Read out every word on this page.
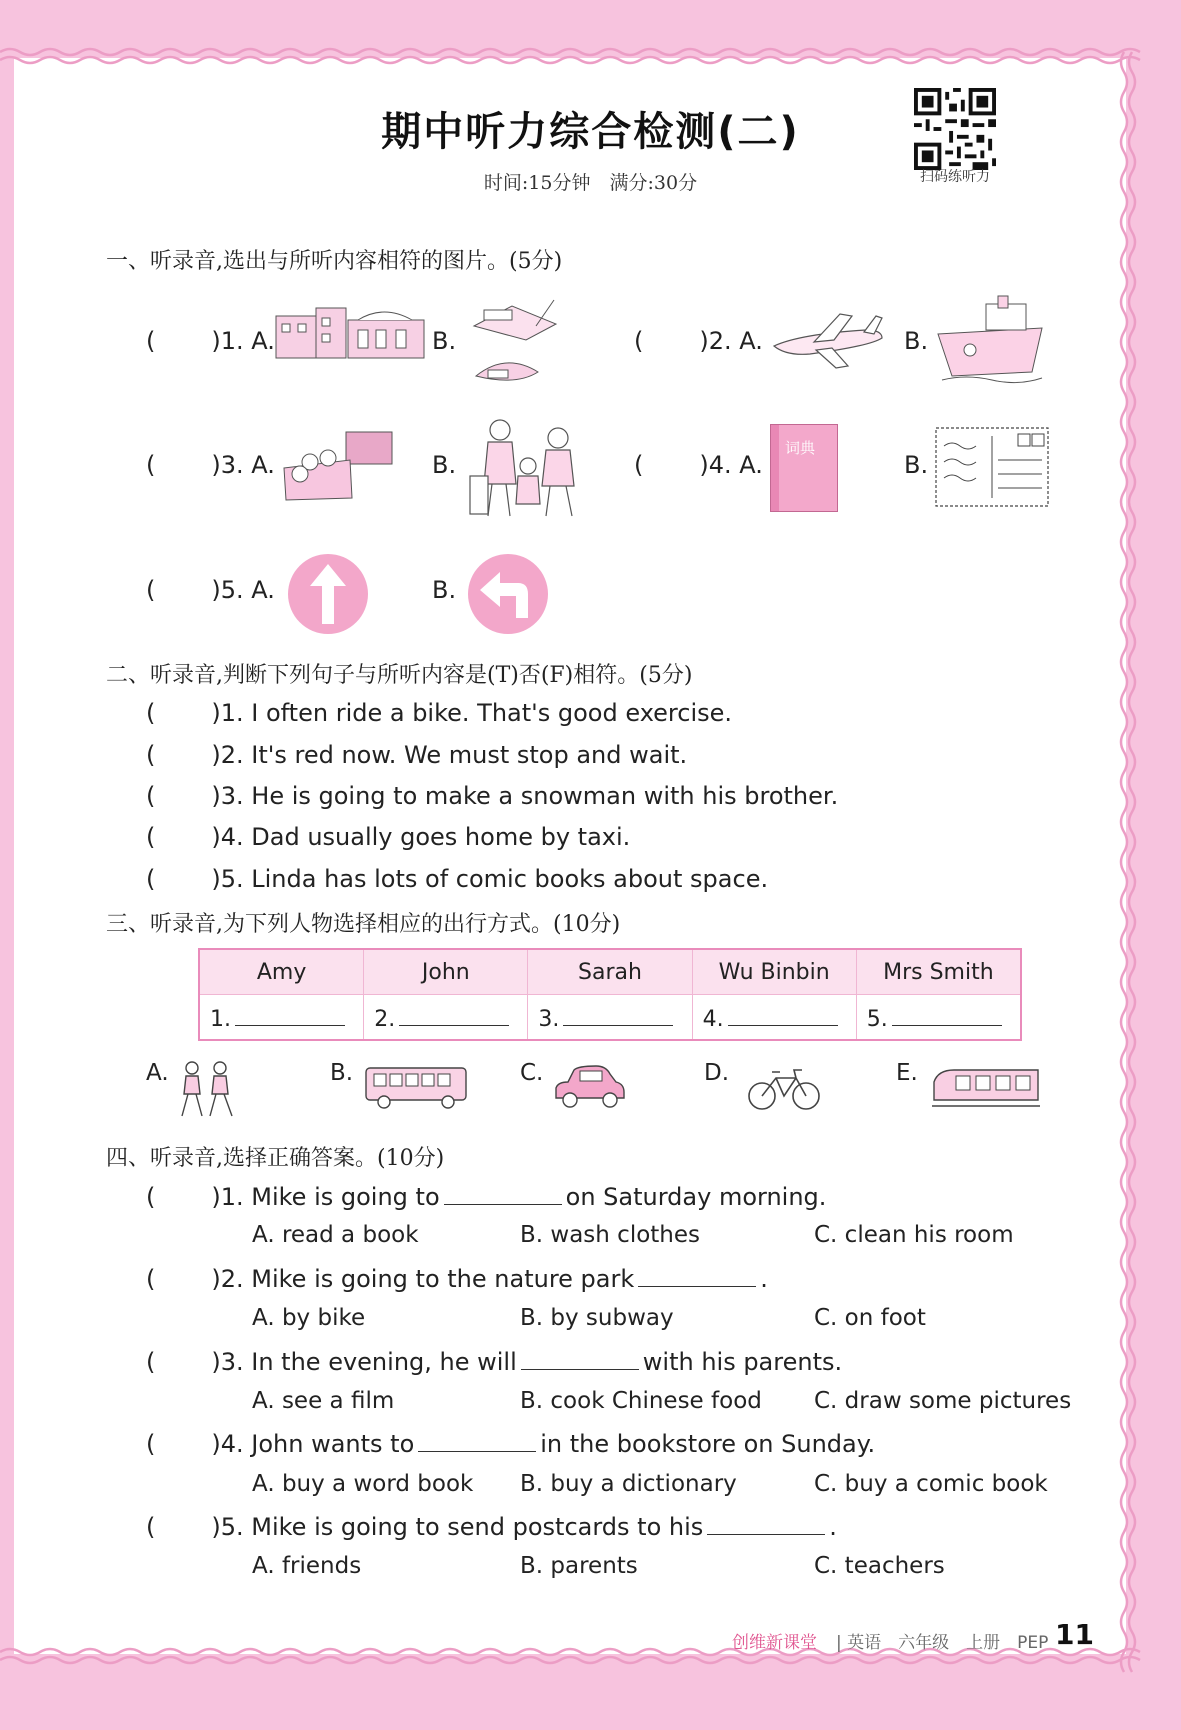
期中听力综合检测(二)
时间:15分钟　满分:30分	扫码练听力
一、听录音,选出与所听内容相符的图片。(5分)
( )1. A.	B.	( )2. A.	B.
( )3. A.	B.	( )4. A.
词典
B.
( )5. A.	B.
二、听录音,判断下列句子与所听内容是(T)否(F)相符。(5分)
( )1. I often ride a bike. That's good exercise.
( )2. It's red now. We must stop and wait.
( )3. He is going to make a snowman with his brother.
( )4. Dad usually goes home by taxi.
( )5. Linda has lots of comic books about space.
三、听录音,为下列人物选择相应的出行方式。(10分)
Amy	John	Sarah	Wu Binbin	Mrs Smith
1.	2.	3.	4.	5.
A.	B.	C.	D.	E.
四、听录音,选择正确答案。(10分)
( )1. Mike is going to	on Saturday morning.
A. read a book	B. wash clothes	C. clean his room
( )2. Mike is going to the nature park	.
A. by bike	B. by subway	C. on foot
( )3. In the evening, he will	with his parents.
A. see a film	B. cook Chinese food C. draw some pictures
( )4. John wants to	in the bookstore on Sunday.
A. buy a word book B. buy a dictionary	C. buy a comic book
( )5. Mike is going to send postcards to his	.
A. friends	B. parents	C. teachers
创维新课堂 | 英语　六年级　上册　PEP 11
